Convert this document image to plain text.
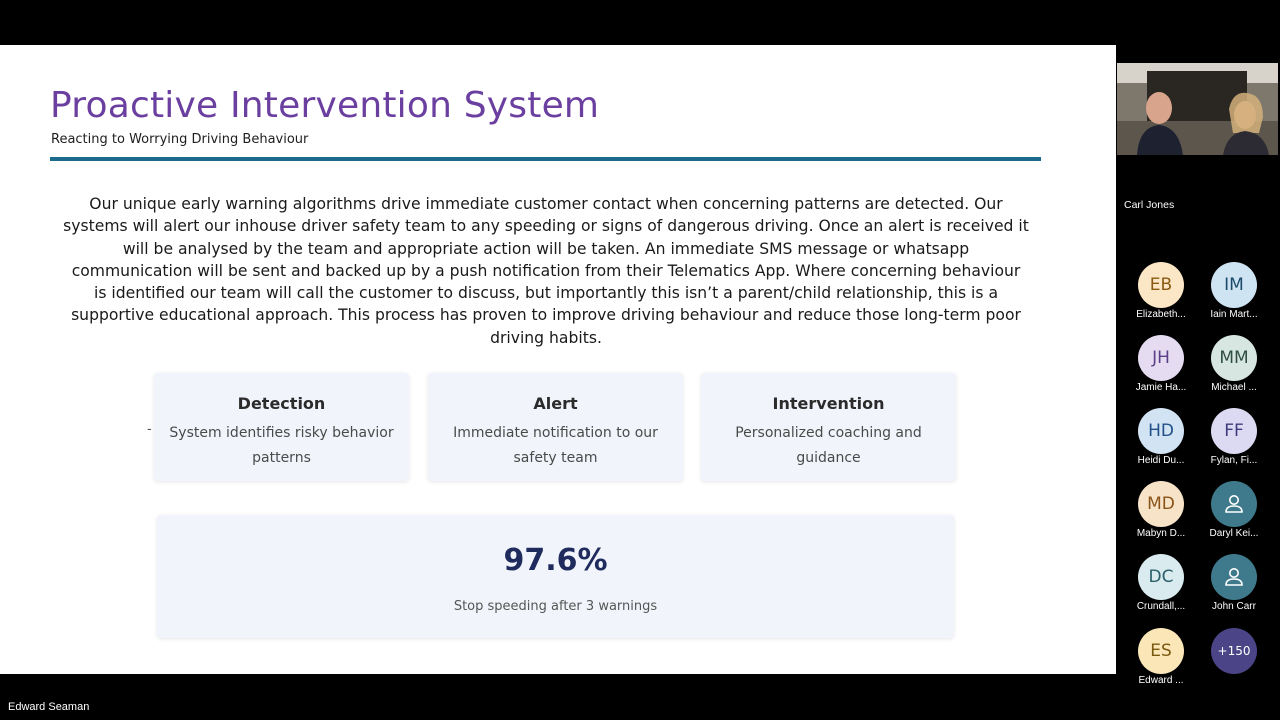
Proactive Intervention System
Reacting to Worrying Driving Behaviour
Our unique early warning algorithms drive immediate customer contact when concerning patterns are detected. Our
systems will alert our inhouse driver safety team to any speeding or signs of dangerous driving. Once an alert is received it
will be analysed by the team and appropriate action will be taken. An immediate SMS message or whatsapp
communication will be sent and backed up by a push notification from their Telematics App. Where concerning behaviour
is identified our team will call the customer to discuss, but importantly this isn’t a parent/child relationship, this is a
supportive educational approach. This process has proven to improve driving behaviour and reduce those long-term poor
driving habits.
-
Detection
System identifies risky behavior patterns
Alert
Immediate notification to our safety team
Intervention
Personalized coaching and guidance
97.6%
Stop speeding after 3 warnings
Edward Seaman
Carl Jones
EB
Elizabeth...
IM
Iain Mart...
JH
Jamie Ha...
MM
Michael ...
HD
Heidi Du...
FF
Fylan, Fi...
MD
Mabyn D...	Daryl Kei...
DC
Crundall,...	John Carr
ES
Edward ...
+150
